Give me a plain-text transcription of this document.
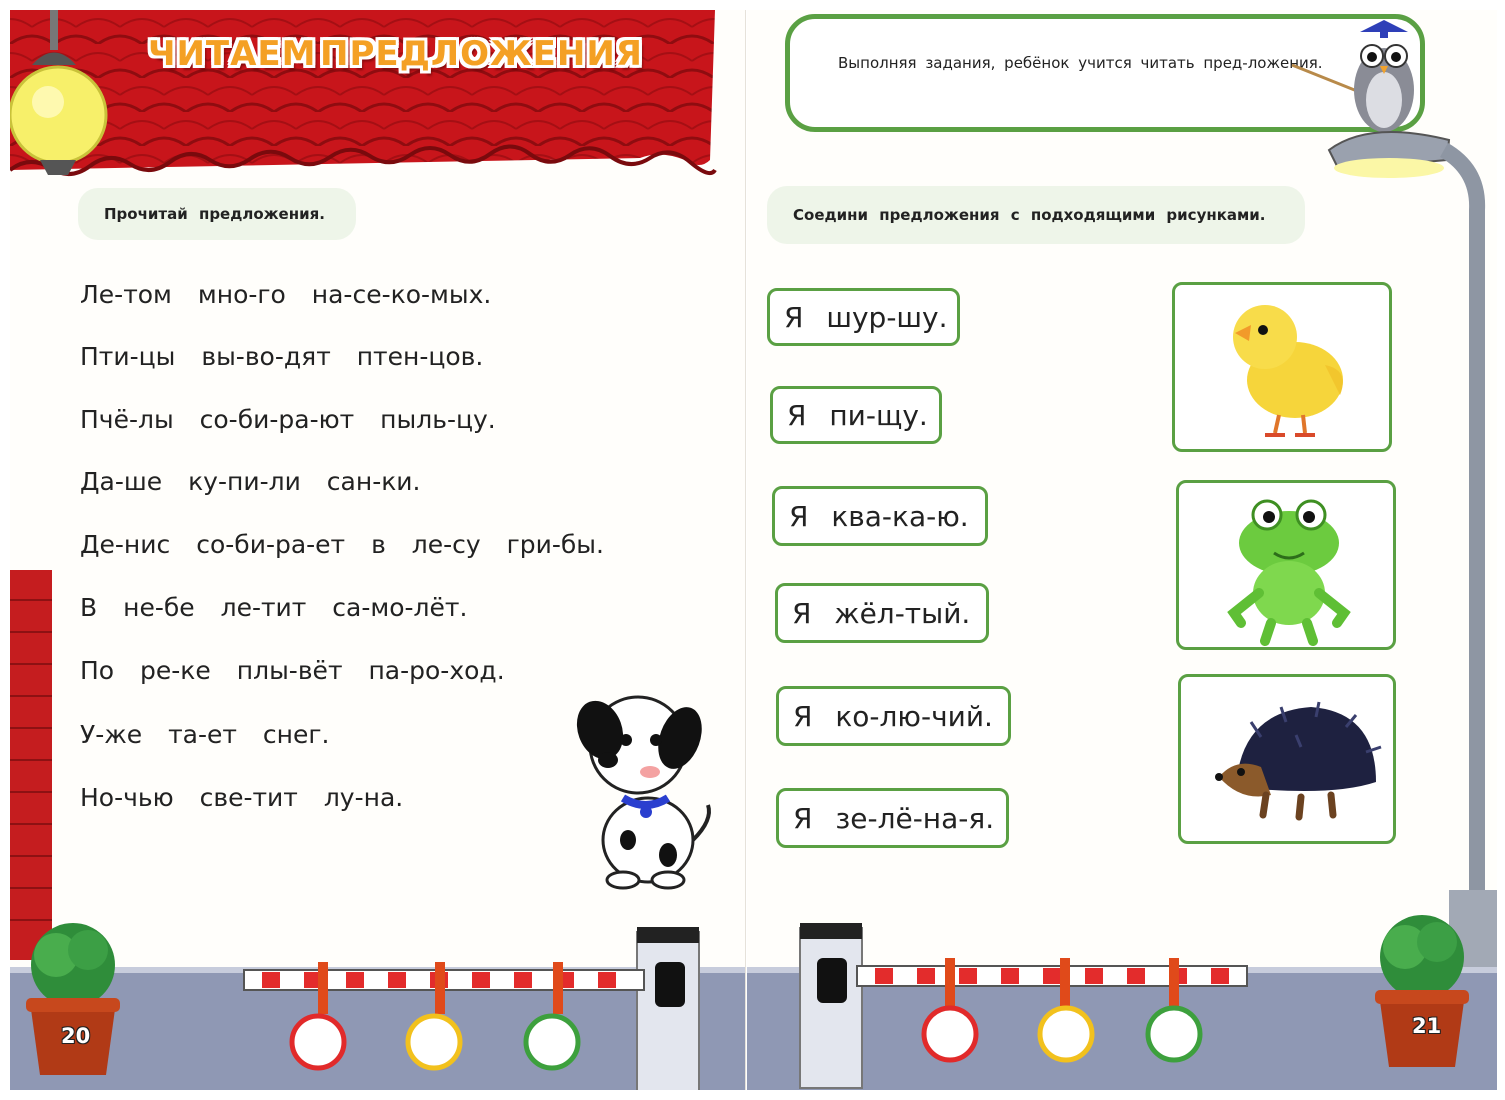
ЧИТАЕМ ПРЕДЛОЖЕНИЯ
Прочитай предложения.
Ле-том мно-го на-се-ко-мых.
Пти-цы вы-во-дят птен-цов.
Пчё-лы со-би-ра-ют пыль-цу.
Да-ше ку-пи-ли сан-ки.
Де-нис со-би-ра-ет в ле-су гри-бы.
В не-бе ле-тит са-мо-лёт.
По ре-ке плы-вёт па-ро-ход.
У-же та-ет снег.
Но-чью све-тит лу-на.
20
Выполняя задания, ребёнок учится читать пред-ложения.
Соедини предложения с подходящими рисунками.
Я шур-шу.
Я пи-щу.
Я ква-ка-ю.
Я жёл-тый.
Я ко-лю-чий.
Я зе-лё-на-я.
21
